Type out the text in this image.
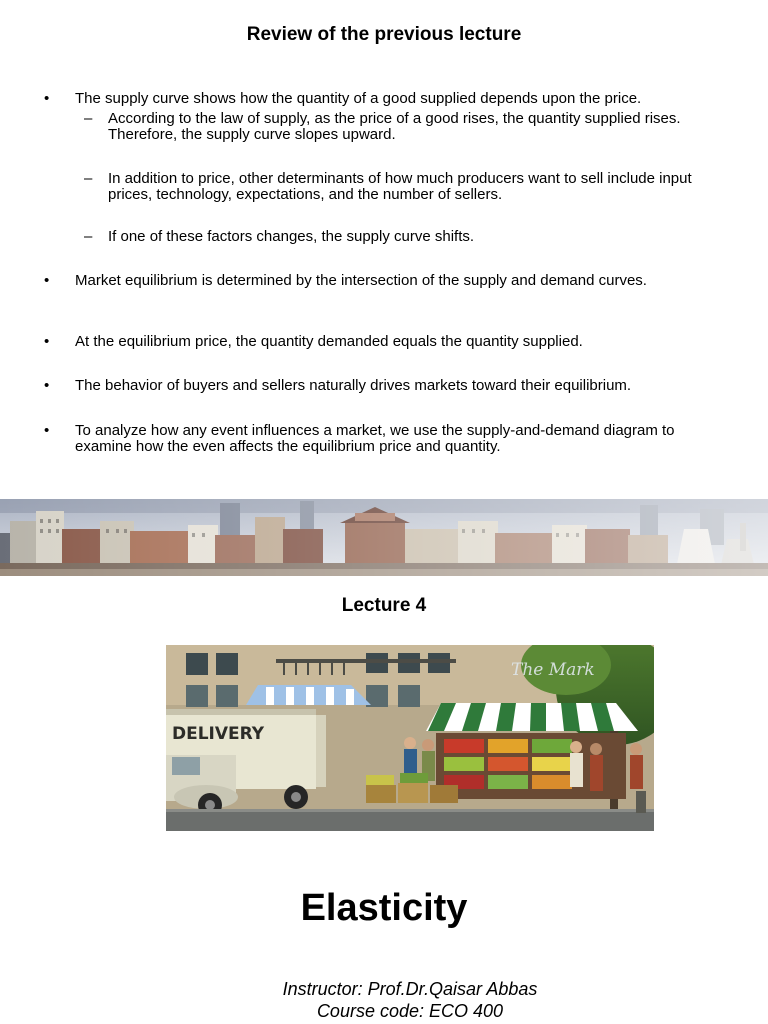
Review of the previous lecture
• The supply curve shows how the quantity of a good supplied depends upon the price.
– According to the law of supply, as the price of a good rises, the quantity supplied rises. Therefore, the supply curve slopes upward.
– In addition to price, other determinants of how much producers want to sell include input prices, technology, expectations, and the number of sellers.
– If one of these factors changes, the supply curve shifts.
• Market equilibrium is determined by the intersection of the supply and demand curves.
• At the equilibrium price, the quantity demanded equals the quantity supplied.
• The behavior of buyers and sellers naturally drives markets toward their equilibrium.
• To analyze how any event influences a market, we use the supply-and-demand diagram to examine how the even affects the equilibrium price and quantity.
Lecture 4
The Mark
DELIVERY
Elasticity
Instructor: Prof.Dr.Qaisar Abbas
Course code: ECO 400
